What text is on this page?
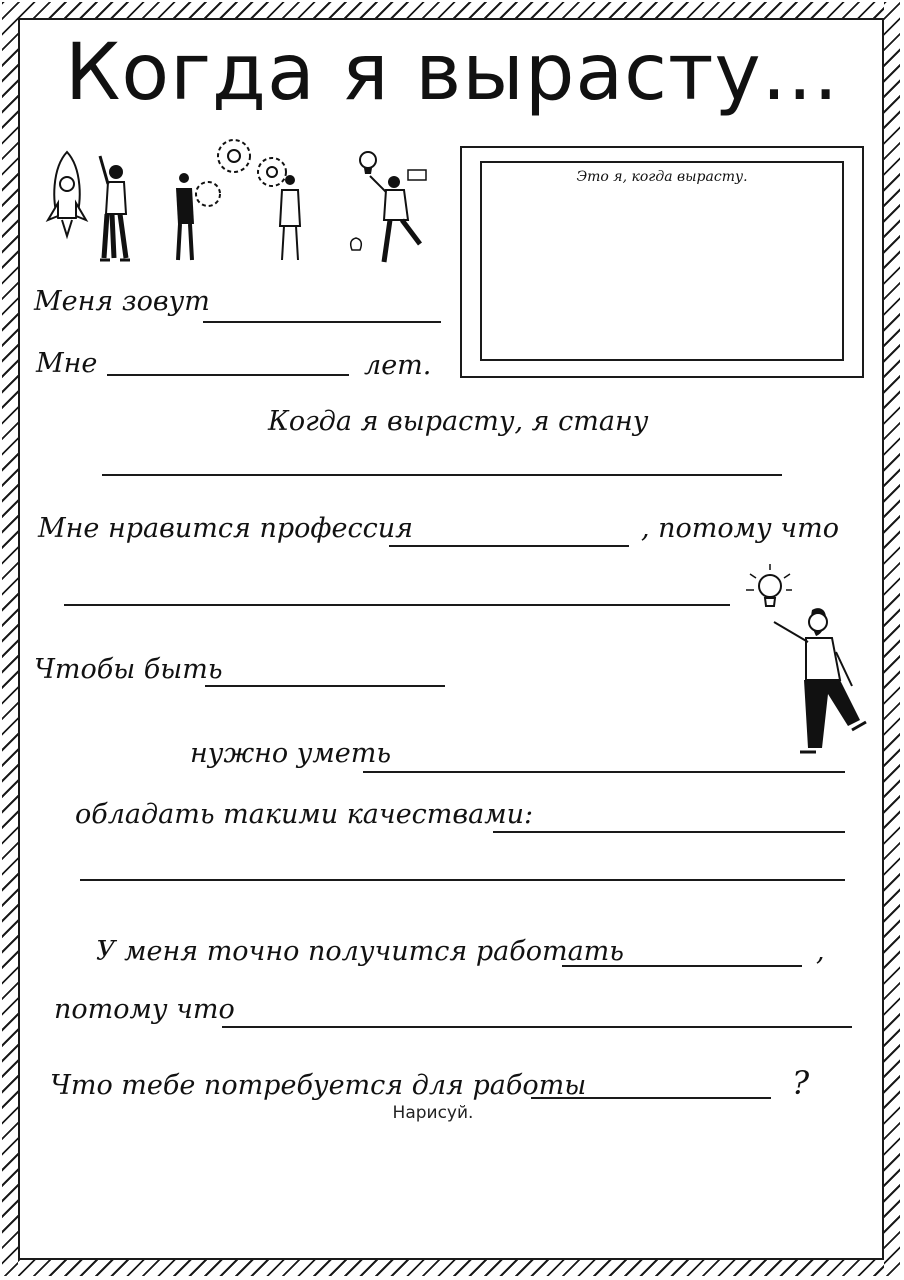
Когда я вырасту...
Это я, когда вырасту.
Меня зовут
Мне	лет.
Когда я вырасту, я стану
Мне нравится профессия	, потому что
Чтобы быть
нужно уметь
обладать такими качествами:
У меня точно получится работать	,
потому что
Что тебе потребуется для работы	?
Нарисуй.
